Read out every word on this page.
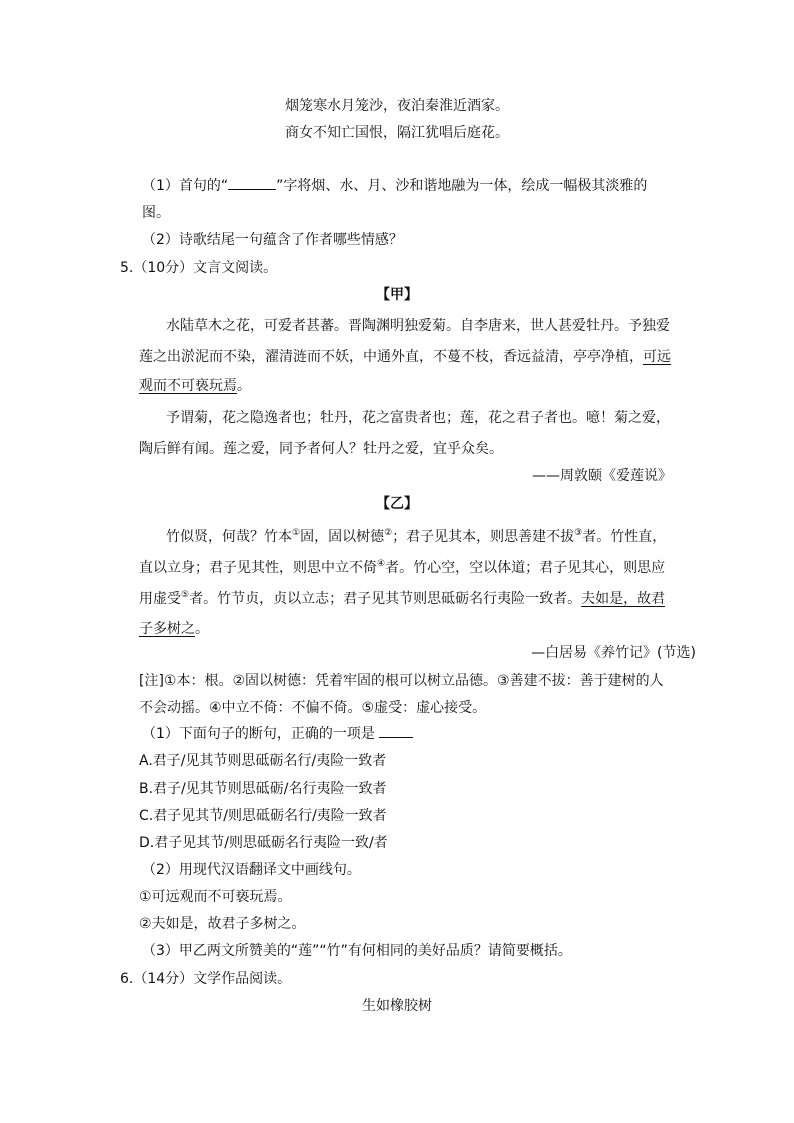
烟笼寒水月笼沙，夜泊秦淮近酒家。
商女不知亡国恨，隔江犹唱后庭花。
（1）首句的“	”字将烟、水、月、沙和谐地融为一体，绘成一幅极其淡雅的
图。
（2）诗歌结尾一句蕴含了作者哪些情感？
5.（10分）文言文阅读。
【甲】
水陆草木之花，可爱者甚蕃。晋陶渊明独爱菊。自李唐来，世人甚爱牡丹。予独爱
莲之出淤泥而不染，濯清涟而不妖，中通外直，不蔓不枝，香远益清，亭亭净植，可远
观而不可亵玩焉。
予谓菊，花之隐逸者也；牡丹，花之富贵者也；莲，花之君子者也。噫！菊之爱，
陶后鲜有闻。莲之爱，同予者何人？牡丹之爱，宜乎众矣。
——周敦颐《爱莲说》
【乙】
竹似贤，何哉？竹本①固，固以树德②；君子见其本，则思善建不拔③者。竹性直，
直以立身；君子见其性，则思中立不倚④者。竹心空，空以体道；君子见其心，则思应
用虚受⑤者。竹节贞，贞以立志；君子见其节则思砥砺名行夷险一致者。夫如是，故君
子多树之。
—白居易《养竹记》(节选)
[注]①本：根。②固以树德：凭着牢固的根可以树立品德。③善建不拔：善于建树的人
不会动摇。④中立不倚：不偏不倚。⑤虚受：虚心接受。
（1）下面句子的断句，正确的一项是
A.君子/见其节则思砥砺名行/夷险一致者
B.君子/见其节则思砥砺/名行夷险一致者
C.君子见其节/则思砥砺名行/夷险一致者
D.君子见其节/则思砥砺名行夷险一致/者
（2）用现代汉语翻译文中画线句。
①可远观而不可亵玩焉。
②夫如是，故君子多树之。
（3）甲乙两文所赞美的“莲”“竹”有何相同的美好品质？请简要概括。
6.（14分）文学作品阅读。
生如橡胶树
